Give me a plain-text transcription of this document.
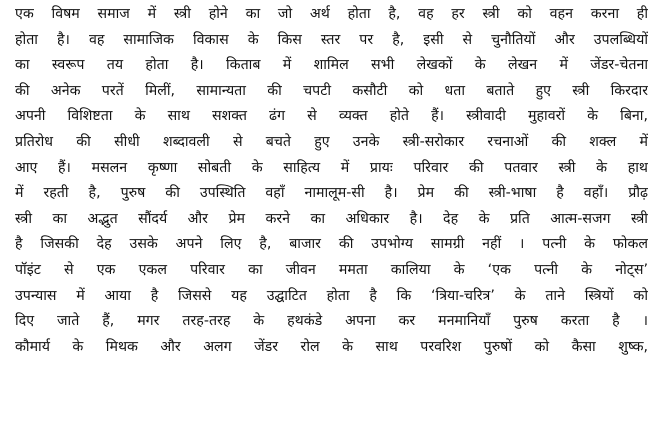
एक विषम समाज में स्त्री होने का जो अर्थ होता है, वह हर स्त्री को वहन करना ही
होता है। वह सामाजिक विकास के किस स्तर पर है, इसी से चुनौतियों और उपलब्धियों
का स्वरूप तय होता है। किताब में शामिल सभी लेखकों के लेखन में जेंडर-चेतना
की अनेक परतें मिलीं, सामान्यता की चपटी कसौटी को धता बताते हुए स्त्री किरदार
अपनी विशिष्टता के साथ सशक्त ढंग से व्यक्त होते हैं। स्त्रीवादी मुहावरों के बिना,
प्रतिरोध की सीधी शब्दावली से बचते हुए उनके स्त्री-सरोकार रचनाओं की शक्ल में
आए हैं। मसलन कृष्णा सोबती के साहित्य में प्रायः परिवार की पतवार स्त्री के हाथ
में रहती है, पुरुष की उपस्थिति वहाँ नामालूम-सी है। प्रेम की स्त्री-भाषा है वहाँ। प्रौढ़
स्त्री का अद्भुत सौंदर्य और प्रेम करने का अधिकार है। देह के प्रति आत्म-सजग स्त्री
है जिसकी देह उसके अपने लिए है, बाजार की उपभोग्य सामग्री नहीं । पत्नी के फोकल
पॉइंट से एक एकल परिवार का जीवन ममता कालिया के ‘एक पत्नी के नोट्स’
उपन्यास में आया है जिससे यह उद्घाटित होता है कि ‘त्रिया-चरित्र’ के ताने स्त्रियों को
दिए जाते हैं, मगर तरह-तरह के हथकंडे अपना कर मनमानियाँ पुरुष करता है ।
कौमार्य के मिथक और अलग जेंडर रोल के साथ परवरिश पुरुषों को कैसा शुष्क,
